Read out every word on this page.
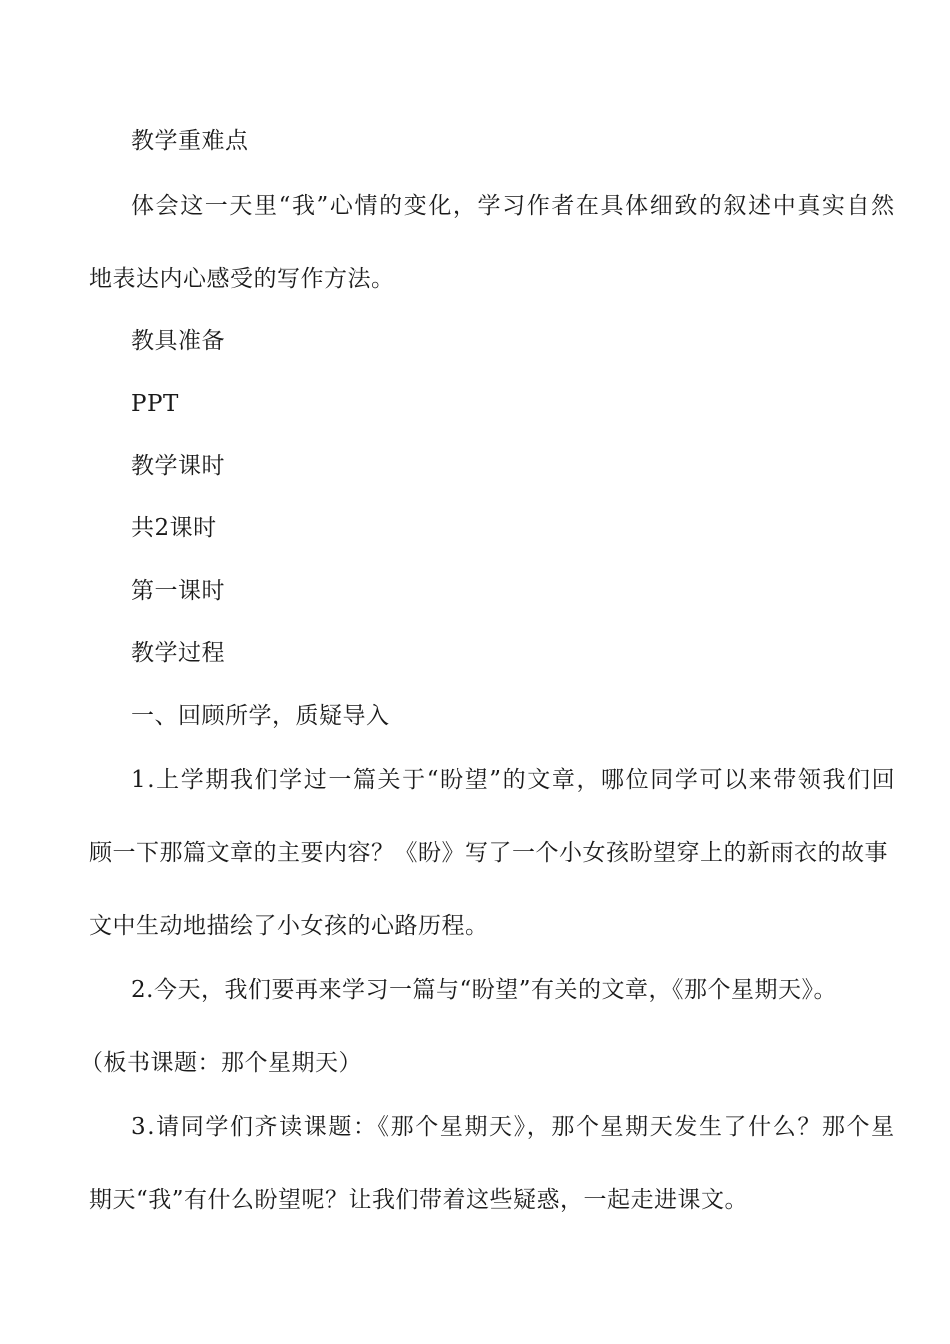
教学重难点
体会这一天里“我”心情的变化，学习作者在具体细致的叙述中真实自然
地表达内心感受的写作方法。
教具准备
PPT
教学课时
共2课时
第一课时
教学过程
一、回顾所学，质疑导入
1.上学期我们学过一篇关于“盼望”的文章，哪位同学可以来带领我们回
顾一下那篇文章的主要内容？《盼》写了一个小女孩盼望穿上的新雨衣的故事
文中生动地描绘了小女孩的心路历程。
2.今天，我们要再来学习一篇与“盼望”有关的文章，《那个星期天》。
（板书课题：那个星期天）
3.请同学们齐读课题：《那个星期天》，那个星期天发生了什么？那个星
期天“我”有什么盼望呢？让我们带着这些疑惑，一起走进课文。
